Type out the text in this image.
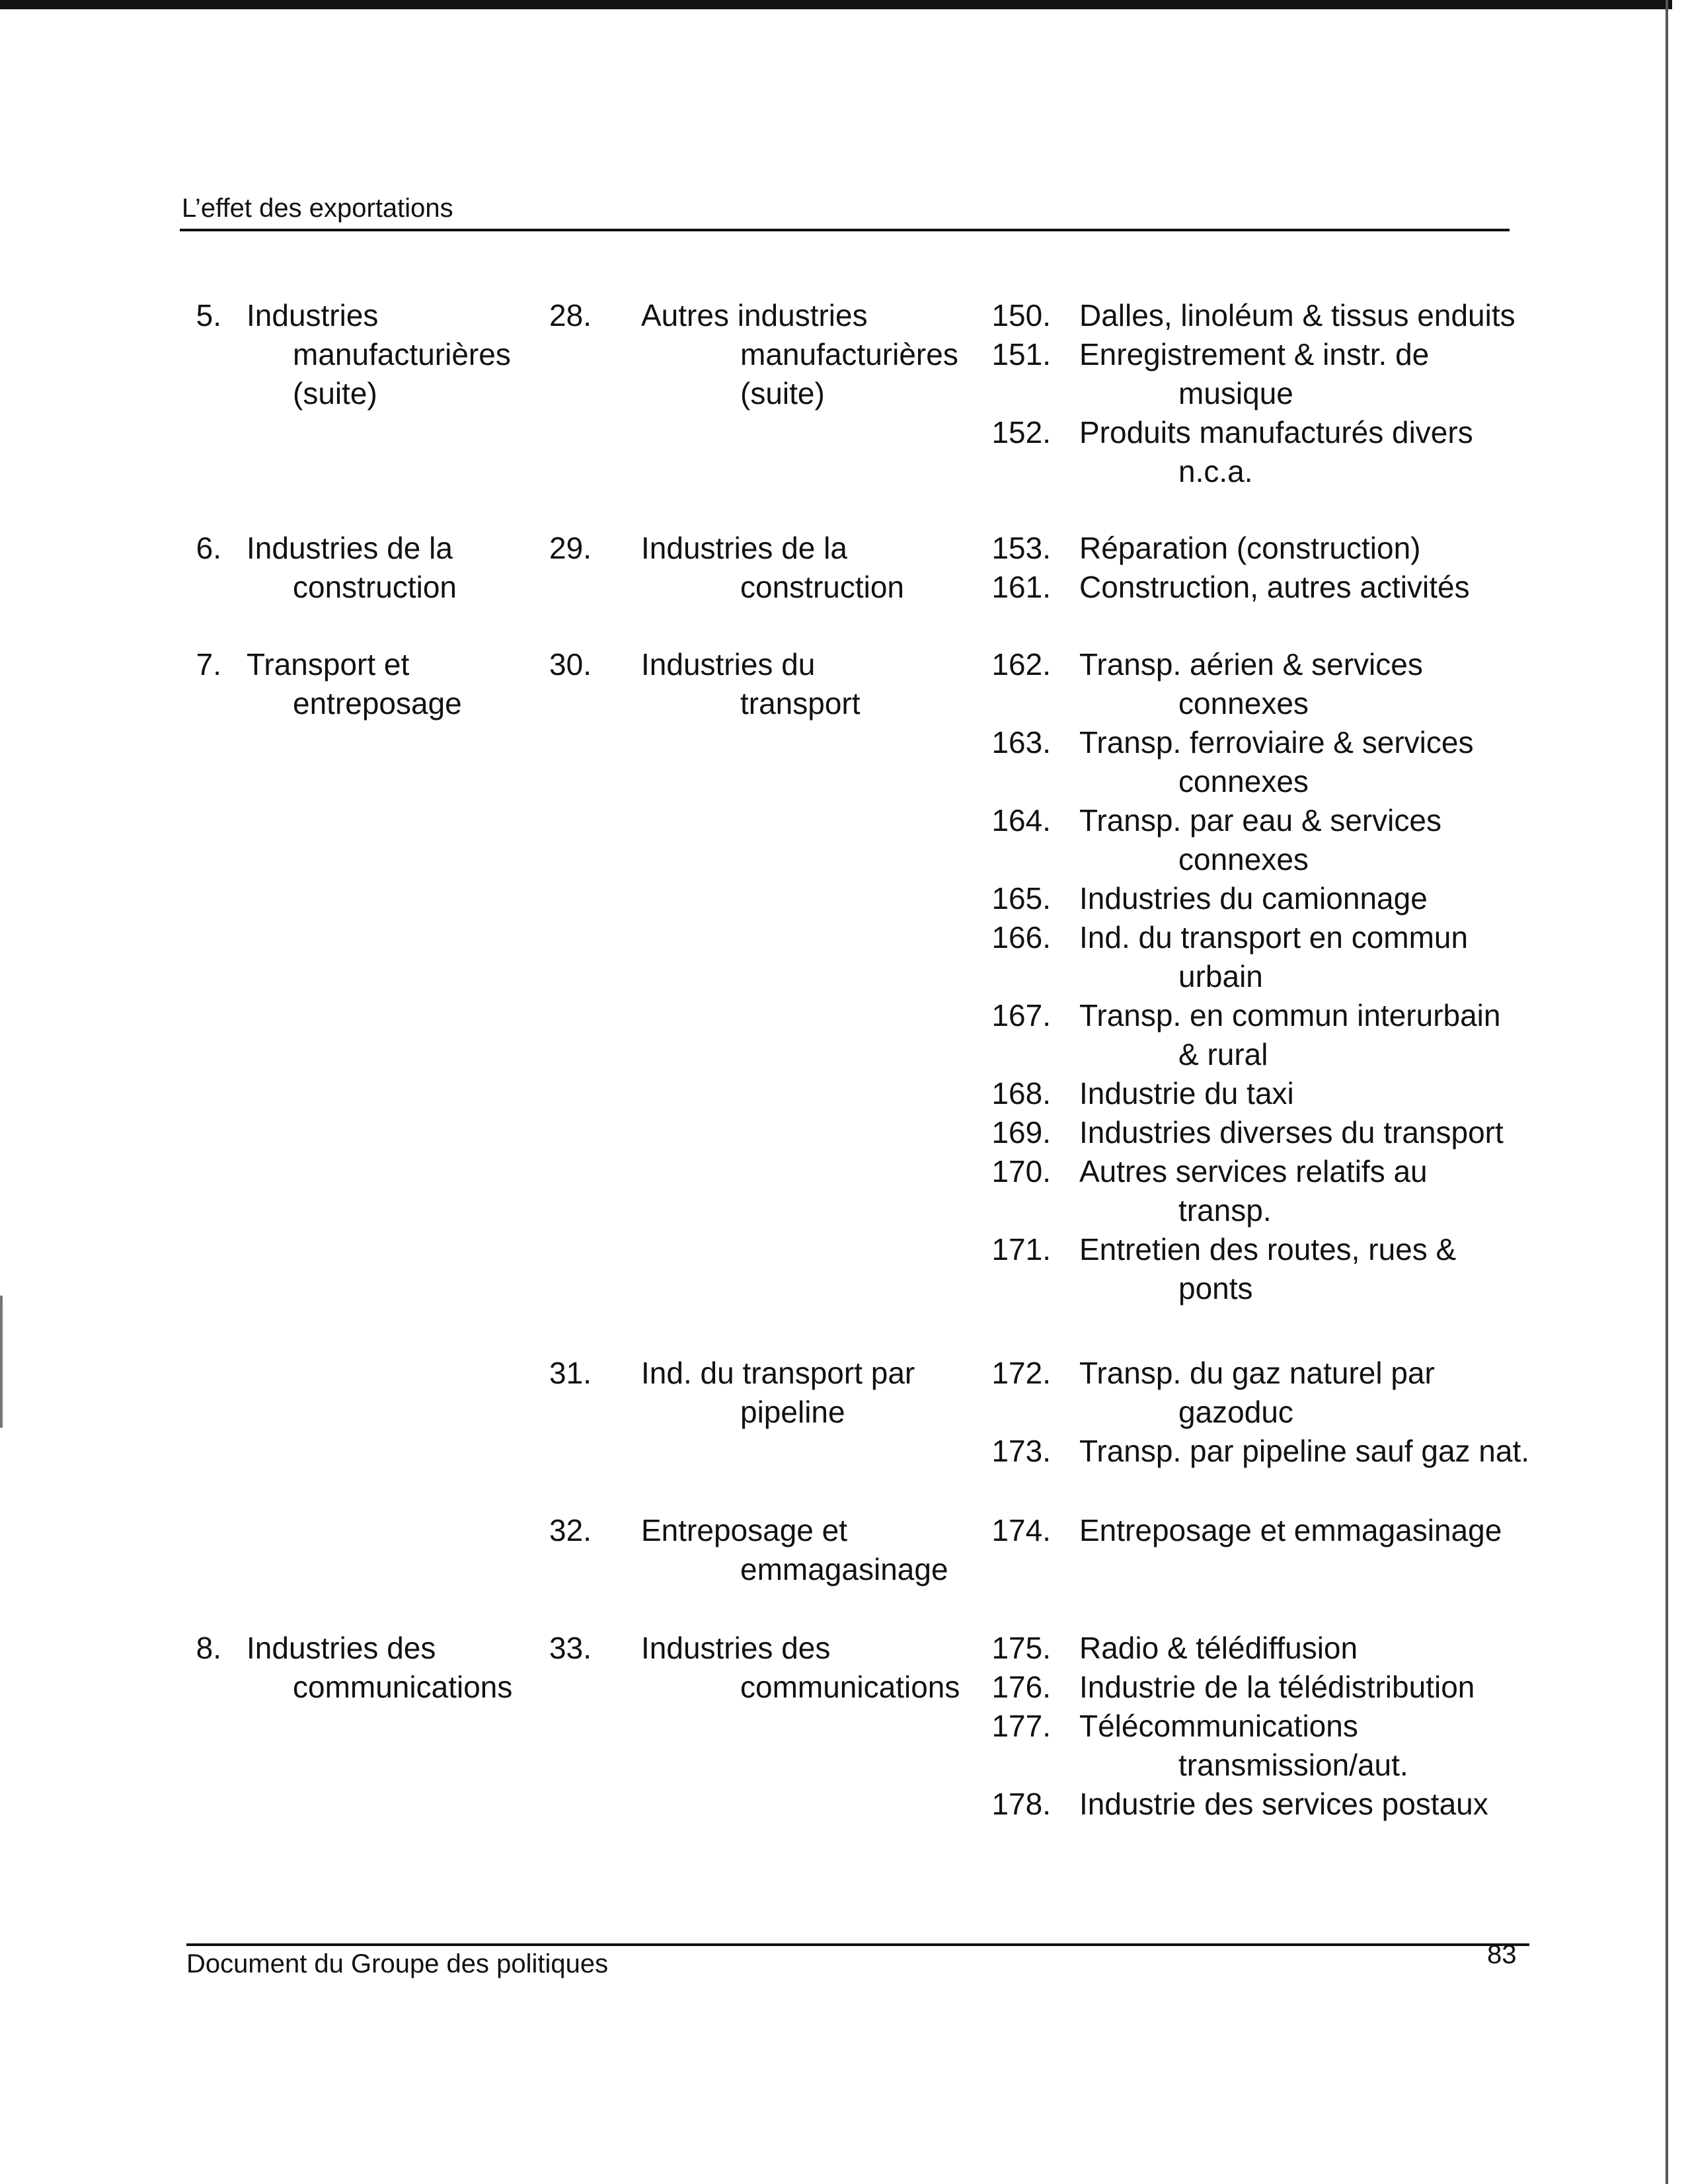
L’effet des exportations
5. Industries
manufacturières
(suite)
28. Autres industries
manufacturières
(suite)
150. Dalles, linoléum & tissus enduits
151. Enregistrement & instr. de
musique
152. Produits manufacturés divers
n.c.a.
6. Industries de la
construction
29. Industries de la
construction
153. Réparation (construction)
161. Construction, autres activités
7. Transport et
entreposage
30. Industries du
transport
162. Transp. aérien & services
connexes
163. Transp. ferroviaire & services
connexes
164. Transp. par eau & services
connexes
165. Industries du camionnage
166. Ind. du transport en commun
urbain
167. Transp. en commun interurbain
& rural
168. Industrie du taxi
169. Industries diverses du transport
170. Autres services relatifs au
transp.
171. Entretien des routes, rues &
ponts
31. Ind. du transport par
pipeline
172. Transp. du gaz naturel par
gazoduc
173. Transp. par pipeline sauf gaz nat.
32. Entreposage et
emmagasinage
174. Entreposage et emmagasinage
8. Industries des
communications
33. Industries des
communications
175. Radio & télédiffusion
176. Industrie de la télédistribution
177. Télécommunications
transmission/aut.
178. Industrie des services postaux
Document du Groupe des politiques	83
